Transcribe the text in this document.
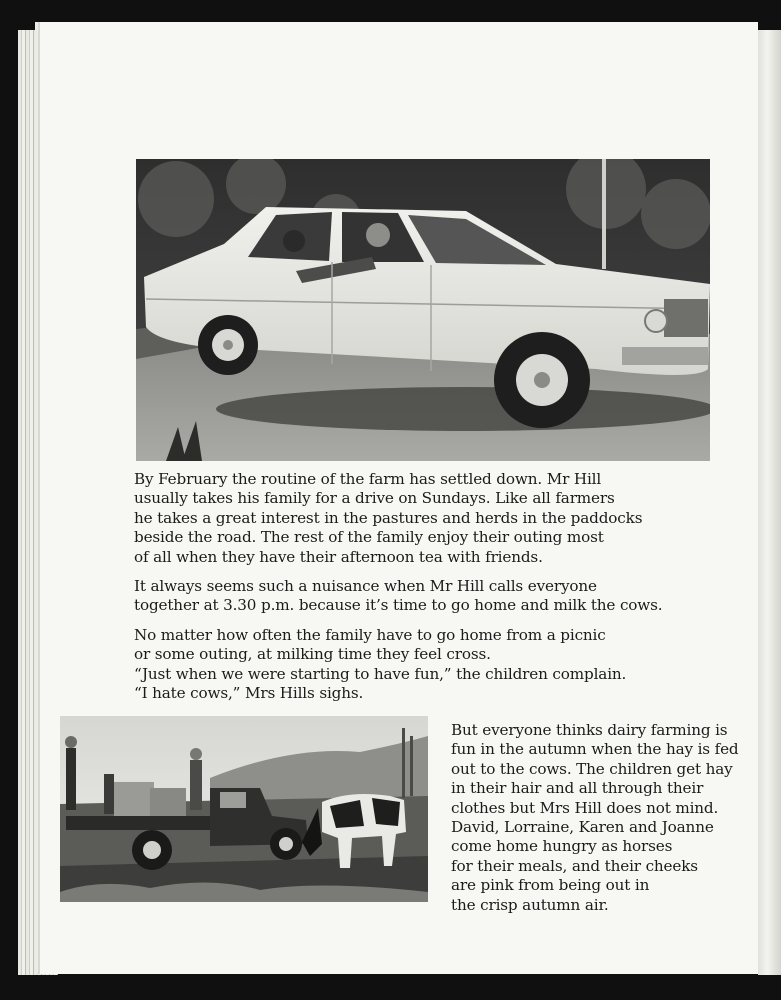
By February the routine of the farm has settled down. Mr Hill
usually takes his family for a drive on Sundays. Like all farmers
he takes a great interest in the pastures and herds in the paddocks
beside the road. The rest of the family enjoy their outing most
of all when they have their afternoon tea with friends.

It always seems such a nuisance when Mr Hill calls everyone
together at 3.30 p.m. because it’s time to go home and milk the cows.

No matter how often the family have to go home from a picnic
or some outing, at milking time they feel cross.
“Just when we were starting to have fun,” the children complain.
“I hate cows,” Mrs Hills sighs.

But everyone thinks dairy farming is
fun in the autumn when the hay is fed
out to the cows. The children get hay
in their hair and all through their
clothes but Mrs Hill does not mind.
David, Lorraine, Karen and Joanne
come home hungry as horses
for their meals, and their cheeks
are pink from being out in
the crisp autumn air.
